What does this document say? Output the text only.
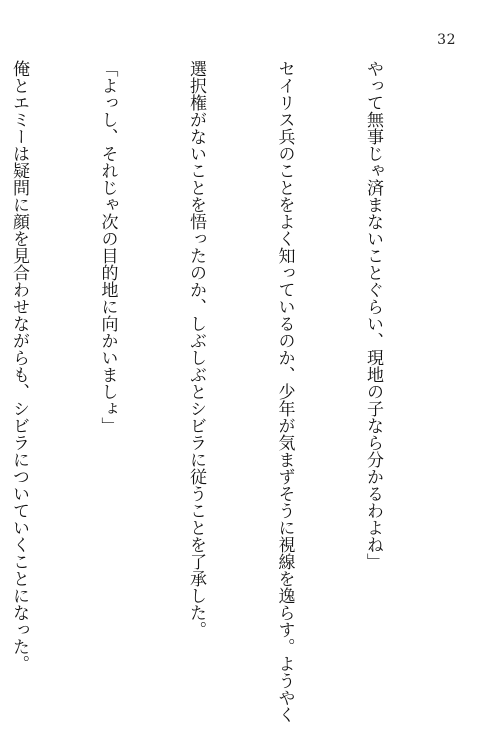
32

やって無事じゃ済まないことぐらい、現地の子なら分かるわよね」

セイリス兵のことをよく知っているのか、少年が気まずそうに視線を逸らす。ようやく

選択権がないことを悟ったのか、しぶしぶとシビラに従うことを了承した。

「よっし、それじゃ次の目的地に向かいましょ」

俺とエミーは疑問に顔を見合わせながらも、シビラについていくことになった。
